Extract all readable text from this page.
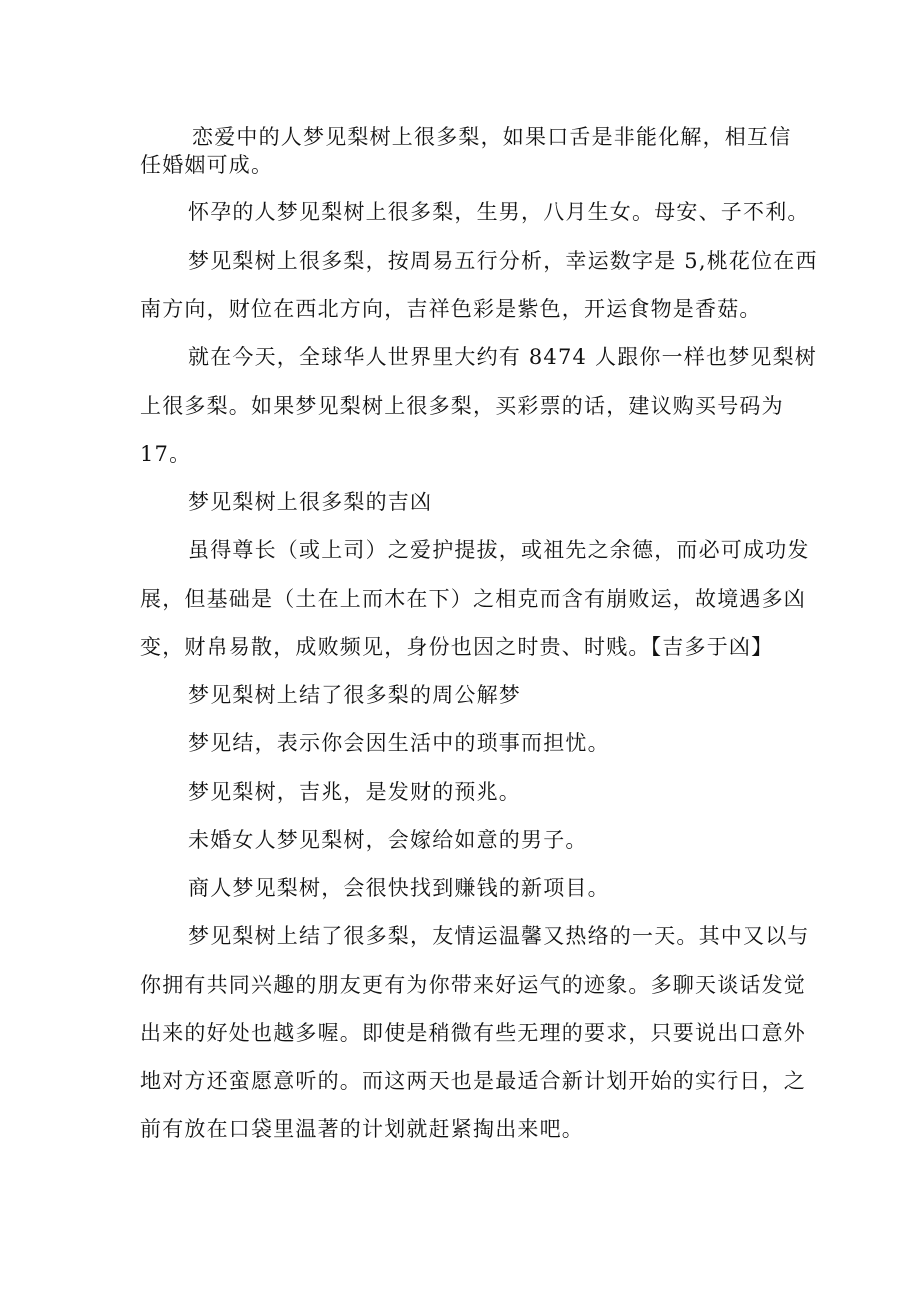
恋爱中的人梦见梨树上很多梨，如果口舌是非能化解，相互信

任婚姻可成。

怀孕的人梦见梨树上很多梨，生男，八月生女。母安、子不利。

梦见梨树上很多梨，按周易五行分析，幸运数字是 5,桃花位在西

南方向，财位在西北方向，吉祥色彩是紫色，开运食物是香菇。

就在今天，全球华人世界里大约有 8474 人跟你一样也梦见梨树

上很多梨。如果梦见梨树上很多梨，买彩票的话，建议购买号码为

17。

梦见梨树上很多梨的吉凶

虽得尊长（或上司）之爱护提拔，或祖先之余德，而必可成功发

展，但基础是（土在上而木在下）之相克而含有崩败运，故境遇多凶

变，财帛易散，成败频见，身份也因之时贵、时贱。【吉多于凶】

梦见梨树上结了很多梨的周公解梦

梦见结，表示你会因生活中的琐事而担忧。

梦见梨树，吉兆，是发财的预兆。

未婚女人梦见梨树，会嫁给如意的男子。

商人梦见梨树，会很快找到赚钱的新项目。

梦见梨树上结了很多梨，友情运温馨又热络的一天。其中又以与

你拥有共同兴趣的朋友更有为你带来好运气的迹象。多聊天谈话发觉

出来的好处也越多喔。即使是稍微有些无理的要求，只要说出口意外

地对方还蛮愿意听的。而这两天也是最适合新计划开始的实行日，之

前有放在口袋里温著的计划就赶紧掏出来吧。
